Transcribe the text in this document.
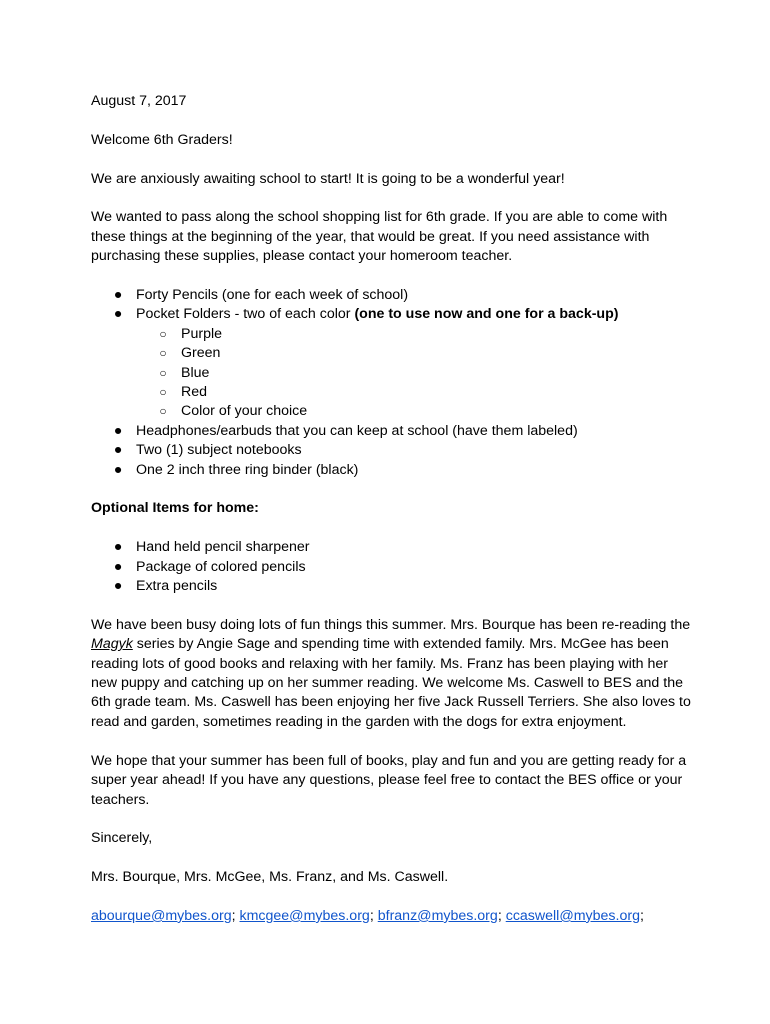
August 7, 2017

Welcome 6th Graders!

We are anxiously awaiting school to start! It is going to be a wonderful year!

We wanted to pass along the school shopping list for 6th grade. If you are able to come with these things at the beginning of the year, that would be great. If you need assistance with purchasing these supplies, please contact your homeroom teacher.

● Forty Pencils (one for each week of school)
● Pocket Folders - two of each color (one to use now and one for a back-up)
○ Purple
○ Green
○ Blue
○ Red
○ Color of your choice
● Headphones/earbuds that you can keep at school (have them labeled)
● Two (1) subject notebooks
● One 2 inch three ring binder (black)

Optional Items for home:

● Hand held pencil sharpener
● Package of colored pencils
● Extra pencils

We have been busy doing lots of fun things this summer. Mrs. Bourque has been re-reading the Magyk series by Angie Sage and spending time with extended family. Mrs. McGee has been reading lots of good books and relaxing with her family. Ms. Franz has been playing with her new puppy and catching up on her summer reading. We welcome Ms. Caswell to BES and the 6th grade team. Ms. Caswell has been enjoying her five Jack Russell Terriers. She also loves to read and garden, sometimes reading in the garden with the dogs for extra enjoyment.

We hope that your summer has been full of books, play and fun and you are getting ready for a super year ahead! If you have any questions, please feel free to contact the BES office or your teachers.

Sincerely,

Mrs. Bourque, Mrs. McGee, Ms. Franz, and Ms. Caswell.

abourque@mybes.org; kmcgee@mybes.org; bfranz@mybes.org; ccaswell@mybes.org;
